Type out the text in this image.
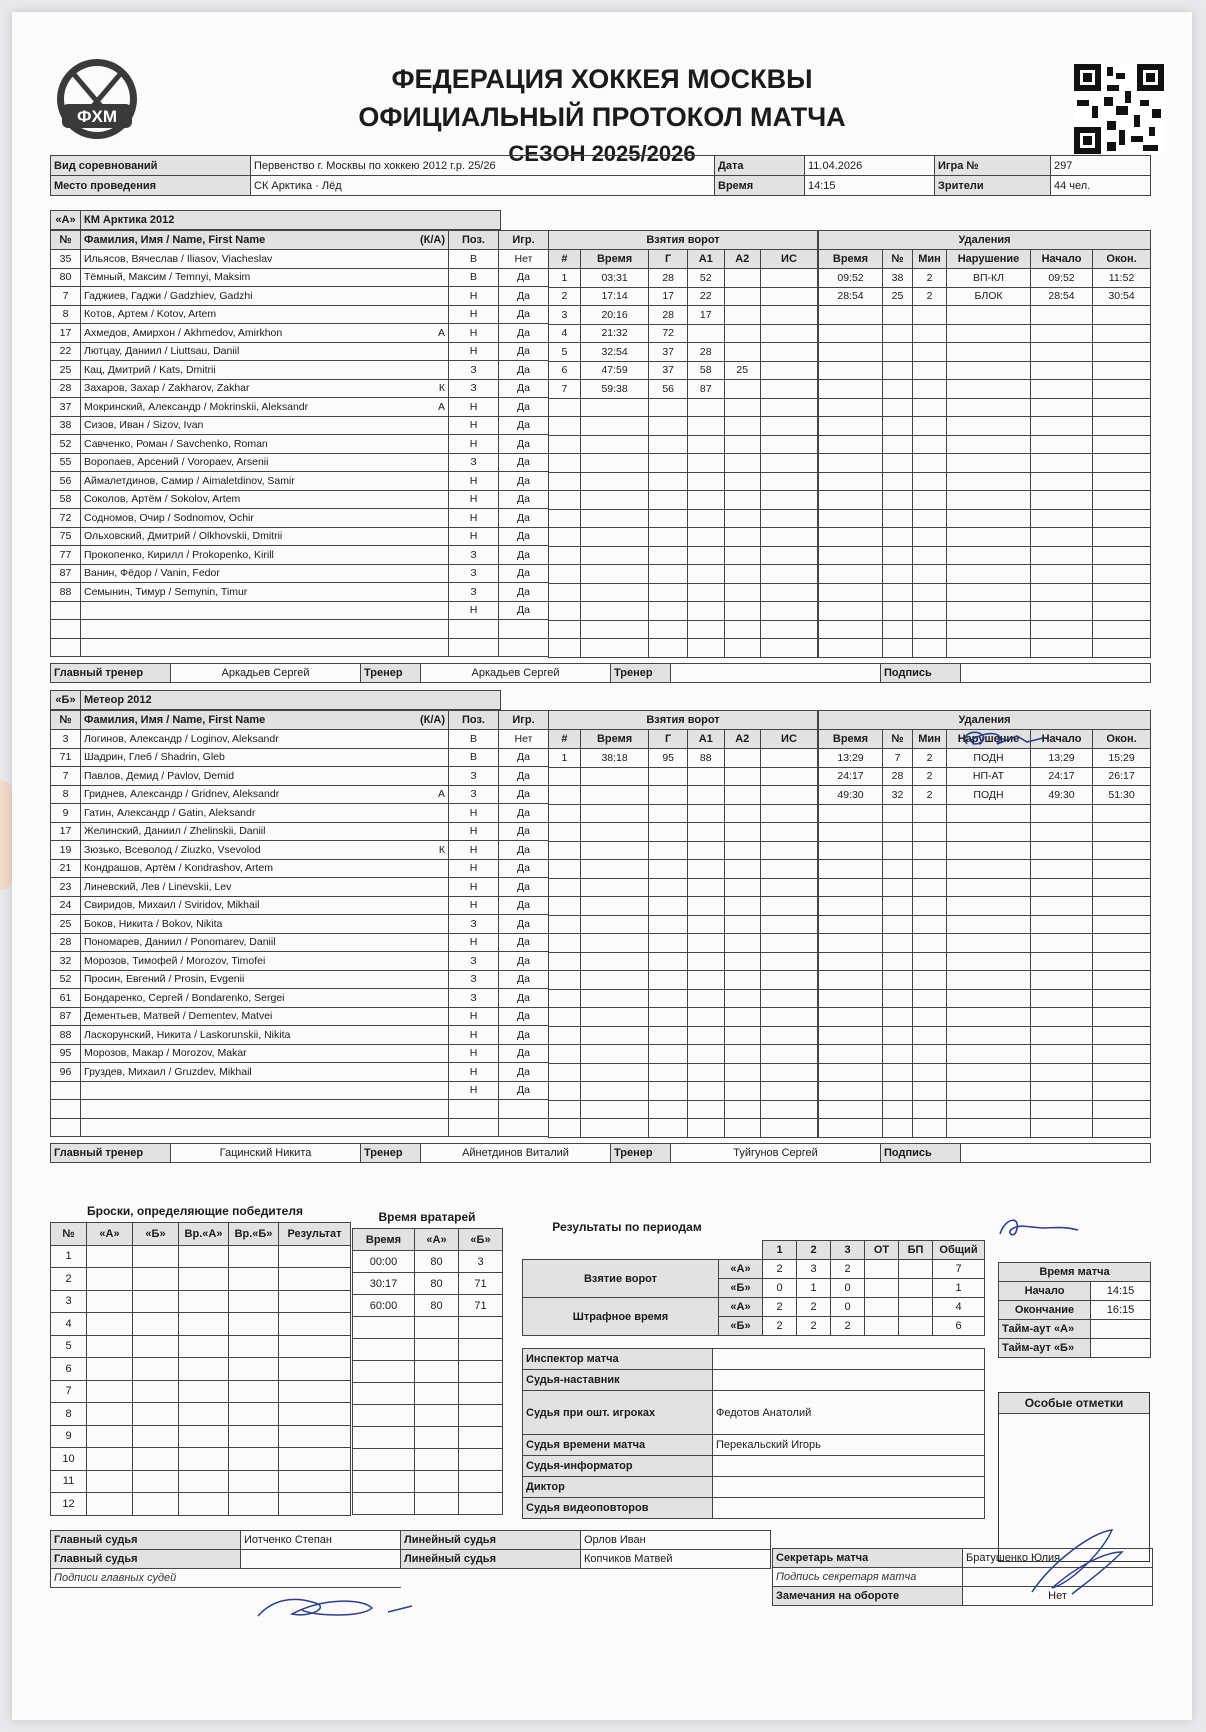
ФХМ
ФЕДЕРАЦИЯ ХОККЕЯ МОСКВЫ
ОФИЦИАЛЬНЫЙ ПРОТОКОЛ МАТЧА
СЕЗОН 2025/2026
Вид соревнований	Первенство г. Москвы по хоккею 2012 г.р. 25/26	Дата	11.04.2026	Игра №	297
Место проведения	СК Арктика · Лёд	Время	14:15	Зрители	44 чел.
«А»	КМ Арктика 2012	
№	Фамилия, Имя / Name, First Name (К/А)	Поз.	Игр.
35	Ильясов, Вячеслав / Iliasov, Viacheslav	В	Нет
80	Тёмный, Максим / Temnyi, Maksim	В	Да
7	Гаджиев, Гаджи / Gadzhiev, Gadzhi	Н	Да
8	Котов, Артем / Kotov, Artem	Н	Да
17	Ахмедов, Амирхон / Akhmedov, Amirkhon А	Н	Да
22	Лютцау, Даниил / Liuttsau, Daniil	Н	Да
25	Кац, Дмитрий / Kats, Dmitrii	З	Да
28	Захаров, Захар / Zakharov, Zakhar К	З	Да
37	Мокринский, Александр / Mokrinskii, Aleksandr А	Н	Да
38	Сизов, Иван / Sizov, Ivan	Н	Да
52	Савченко, Роман / Savchenko, Roman	Н	Да
55	Воропаев, Арсений / Voropaev, Arsenii	З	Да
56	Аймалетдинов, Самир / Aimaletdinov, Samir	Н	Да
58	Соколов, Артём / Sokolov, Artem	Н	Да
72	Содномов, Очир / Sodnomov, Ochir	Н	Да
75	Ольховский, Дмитрий / Olkhovskii, Dmitrii	Н	Да
77	Прокопенко, Кирилл / Prokopenko, Kirill	З	Да
87	Ванин, Фёдор / Vanin, Fedor	З	Да
88	Семынин, Тимур / Semynin, Timur	З	Да

	Н	Да

Взятия ворот					
#	Время	Г	А1	А2	ИС
1	03:31	28	52		
2	17:14	17	22		
3	20:16	28	17		
4	21:32	72			
5	32:54	37	28		
6	47:59	37	58	25	
7	59:38	56	87		

Удаления					
Время	№	Мин	Нарушение	Начало	Окон.
09:52	38	2	ВП-КЛ	09:52	11:52
28:54	25	2	БЛОК	28:54	30:54

Главный тренер	Аркадьев Сергей	Тренер	Аркадьев Сергей	Тренер		Подпись	
«Б»	Метеор 2012	
№	Фамилия, Имя / Name, First Name (К/А)	Поз.	Игр.
3	Логинов, Александр / Loginov, Aleksandr	В	Нет
71	Шадрин, Глеб / Shadrin, Gleb	В	Да
7	Павлов, Демид / Pavlov, Demid	З	Да
8	Гриднев, Александр / Gridnev, Aleksandr А	З	Да
9	Гатин, Александр / Gatin, Aleksandr	Н	Да
17	Желинский, Даниил / Zhelinskii, Daniil	Н	Да
19	Зюзько, Всеволод / Ziuzko, Vsevolod К	Н	Да
21	Кондрашов, Артём / Kondrashov, Artem	Н	Да
23	Линевский, Лев / Linevskii, Lev	Н	Да
24	Свиридов, Михаил / Sviridov, Mikhail	Н	Да
25	Боков, Никита / Bokov, Nikita	З	Да
28	Пономарев, Даниил / Ponomarev, Daniil	Н	Да
32	Морозов, Тимофей / Morozov, Timofei	З	Да
52	Просин, Евгений / Prosin, Evgenii	З	Да
61	Бондаренко, Сергей / Bondarenko, Sergei	З	Да
87	Дементьев, Матвей / Dementev, Matvei	Н	Да
88	Ласкорунский, Никита / Laskorunskii, Nikita	Н	Да
95	Морозов, Макар / Morozov, Makar	Н	Да
96	Груздев, Михаил / Gruzdev, Mikhail	Н	Да

	Н	Да

Взятия ворот					
#	Время	Г	А1	А2	ИС
1	38:18	95	88		

Удаления					
Время	№	Мин	Нарушение	Начало	Окон.
13:29	7	2	ПОДН	13:29	15:29
24:17	28	2	НП-АТ	24:17	26:17
49:30	32	2	ПОДН	49:30	51:30

Главный тренер	Гацинский Никита	Тренер	Айнетдинов Виталий	Тренер	Туйгунов Сергей	Подпись	
Броски, определяющие победителя
№	«А»	«Б»	Вр.«А»	Вр.«Б»	Результат
1					
2					
3					
4					
5					
6					
7					
8					
9					
10					
11					
12					
Время вратарей
Время	«А»	«Б»
00:00	80	3
30:17	80	71
60:00	80	71

Результаты по периодам
		1	2	3	ОТ	БП	Общий
Взятие ворот	«А»	2	3	2			7
	«Б»	0	1	0			1
Штрафное время	«А»	2	2	0			4
	«Б»	2	2	2			6
Время матча	
Начало	14:15
Окончание	16:15
Тайм-аут «А»	
Тайм-аут «Б»	
Инспектор матча	
Судья-наставник	
Судья при ошт. игроках	Федотов Анатолий
Судья времени матча	Перекальский Игорь
Судья-информатор	
Диктор	
Судья видеоповторов	
Особые отметки
Главный судья	Иотченко Степан	Линейный судья	Орлов Иван
Главный судья		Линейный судья	Копчиков Матвей
Подписи главных судей			
Секретарь матча	Братушенко Юлия
Подпись секретаря матча	
Замечания на обороте	Нет
